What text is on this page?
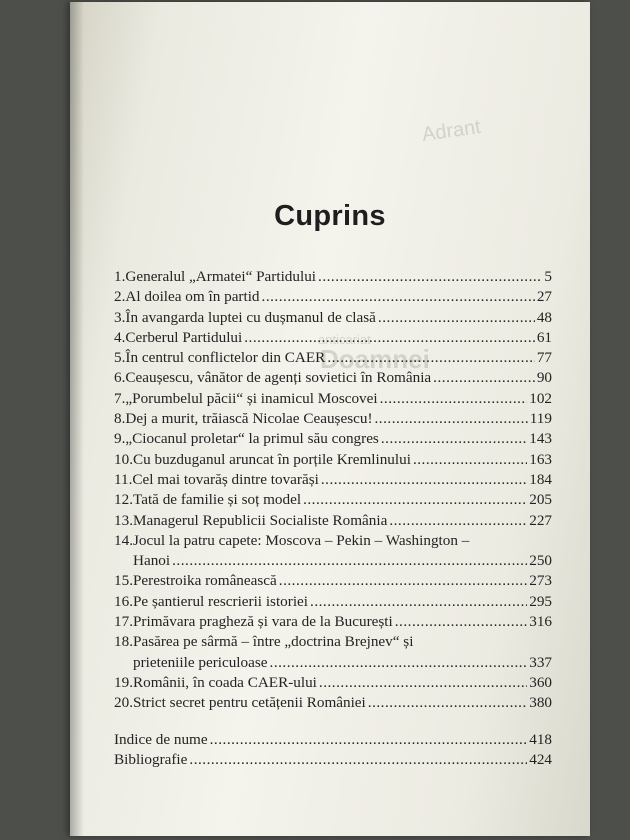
Adrant
anticariat
Doamnei
Cuprins
1. Generalul „Armatei“ Partidului .....	5
2. Al doilea om în partid .....	27
3. În avangarda luptei cu dușmanul de clasă .....	48
4. Cerberul Partidului .....	61
5. În centrul conflictelor din CAER .....	77
6. Ceaușescu, vânător de agenți sovietici în România .....	90
7. „Porumbelul păcii“ și inamicul Moscovei .....	102
8. Dej a murit, trăiască Nicolae Ceaușescu! .....	119
9. „Ciocanul proletar“ la primul său congres .....	143
10. Cu buzduganul aruncat în porțile Kremlinului .....	163
11. Cel mai tovarăș dintre tovarăși .....	184
12. Tată de familie și soț model .....	205
13. Managerul Republicii Socialiste România .....	227
14. Jocul la patru capete: Moscova – Pekin – Washington –
Hanoi .....	250
15. Perestroika românească .....	273
16. Pe șantierul rescrierii istoriei .....	295
17. Primăvara pragheză și vara de la București .....	316
18. Pasărea pe sârmă – între „doctrina Brejnev“ și
prieteniile periculoase .....	337
19. Românii, în coada CAER-ului .....	360
20. Strict secret pentru cetățenii României .....	380
Indice de nume .....	418
Bibliografie .....	424
